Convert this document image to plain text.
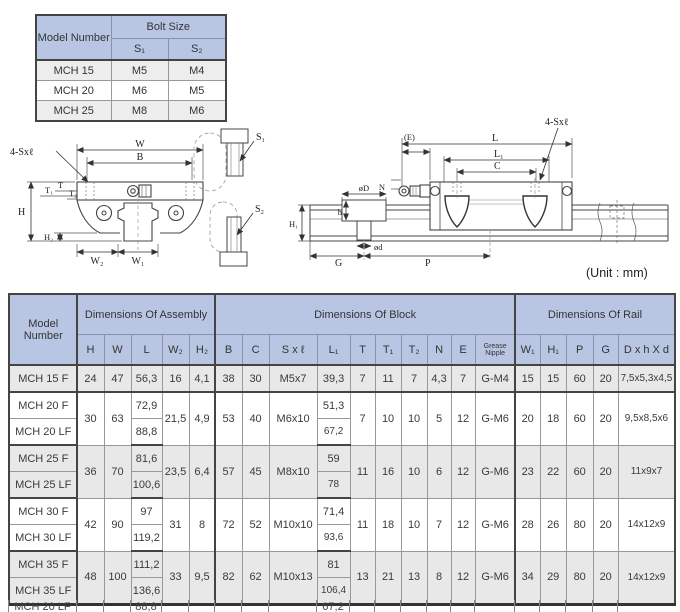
Model Number	Bolt Size	
	S₁	S₂
MCH 15	M5	M4
MCH 20	M6	M5
MCH 25	M8	M6
4-Sxℓ
W
B
T₁ T
T₂
H
H₂
W₂	W₁
S₁
S₂
4-Sxℓ
(E)	L
L₁
C
N
øD
h
H₁
ød
G	P
(Unit : mm)
Model Number	Dimensions Of Assembly					Dimensions Of Block										Dimensions Of Rail				
	H	W	L	W₂	H₂	B	C	S x ℓ	L₁	T	T₁	T₂	N	E	Grease Nipple	W₁	H₁	P	G	D x h X d
MCH 15 F	24	47	56,3	16	4,1	38	30	M5x7	39,3	7	11	7	4,3	7	G-M4	15	15	60	20	7,5x5,3x4,5
MCH 20 F	30	63	72,9	21,5	4,9	53	40	M6x10	51,3	7	10	10	5	12	G-M6	20	18	60	20	9,5x8,5x6
MCH 20 LF			88,8						67,2											
MCH 25 F	36	70	81,6	23,5	6,4	57	45	M8x10	59	11	16	10	6	12	G-M6	23	22	60	20	11x9x7
MCH 25 LF			100,6						78											
MCH 30 F	42	90	97	31	8	72	52	M10x10	71,4	11	18	10	7	12	G-M6	28	26	80	20	14x12x9
MCH 30 LF			119,2						93,6											
MCH 35 F	48	100	111,2	33	9,5	82	62	M10x13	81	13	21	13	8	12	G-M6	34	29	80	20	14x12x9
MCH 35 LF			136,6						106,4											
MCH 20 LF			88,8						67,2											
